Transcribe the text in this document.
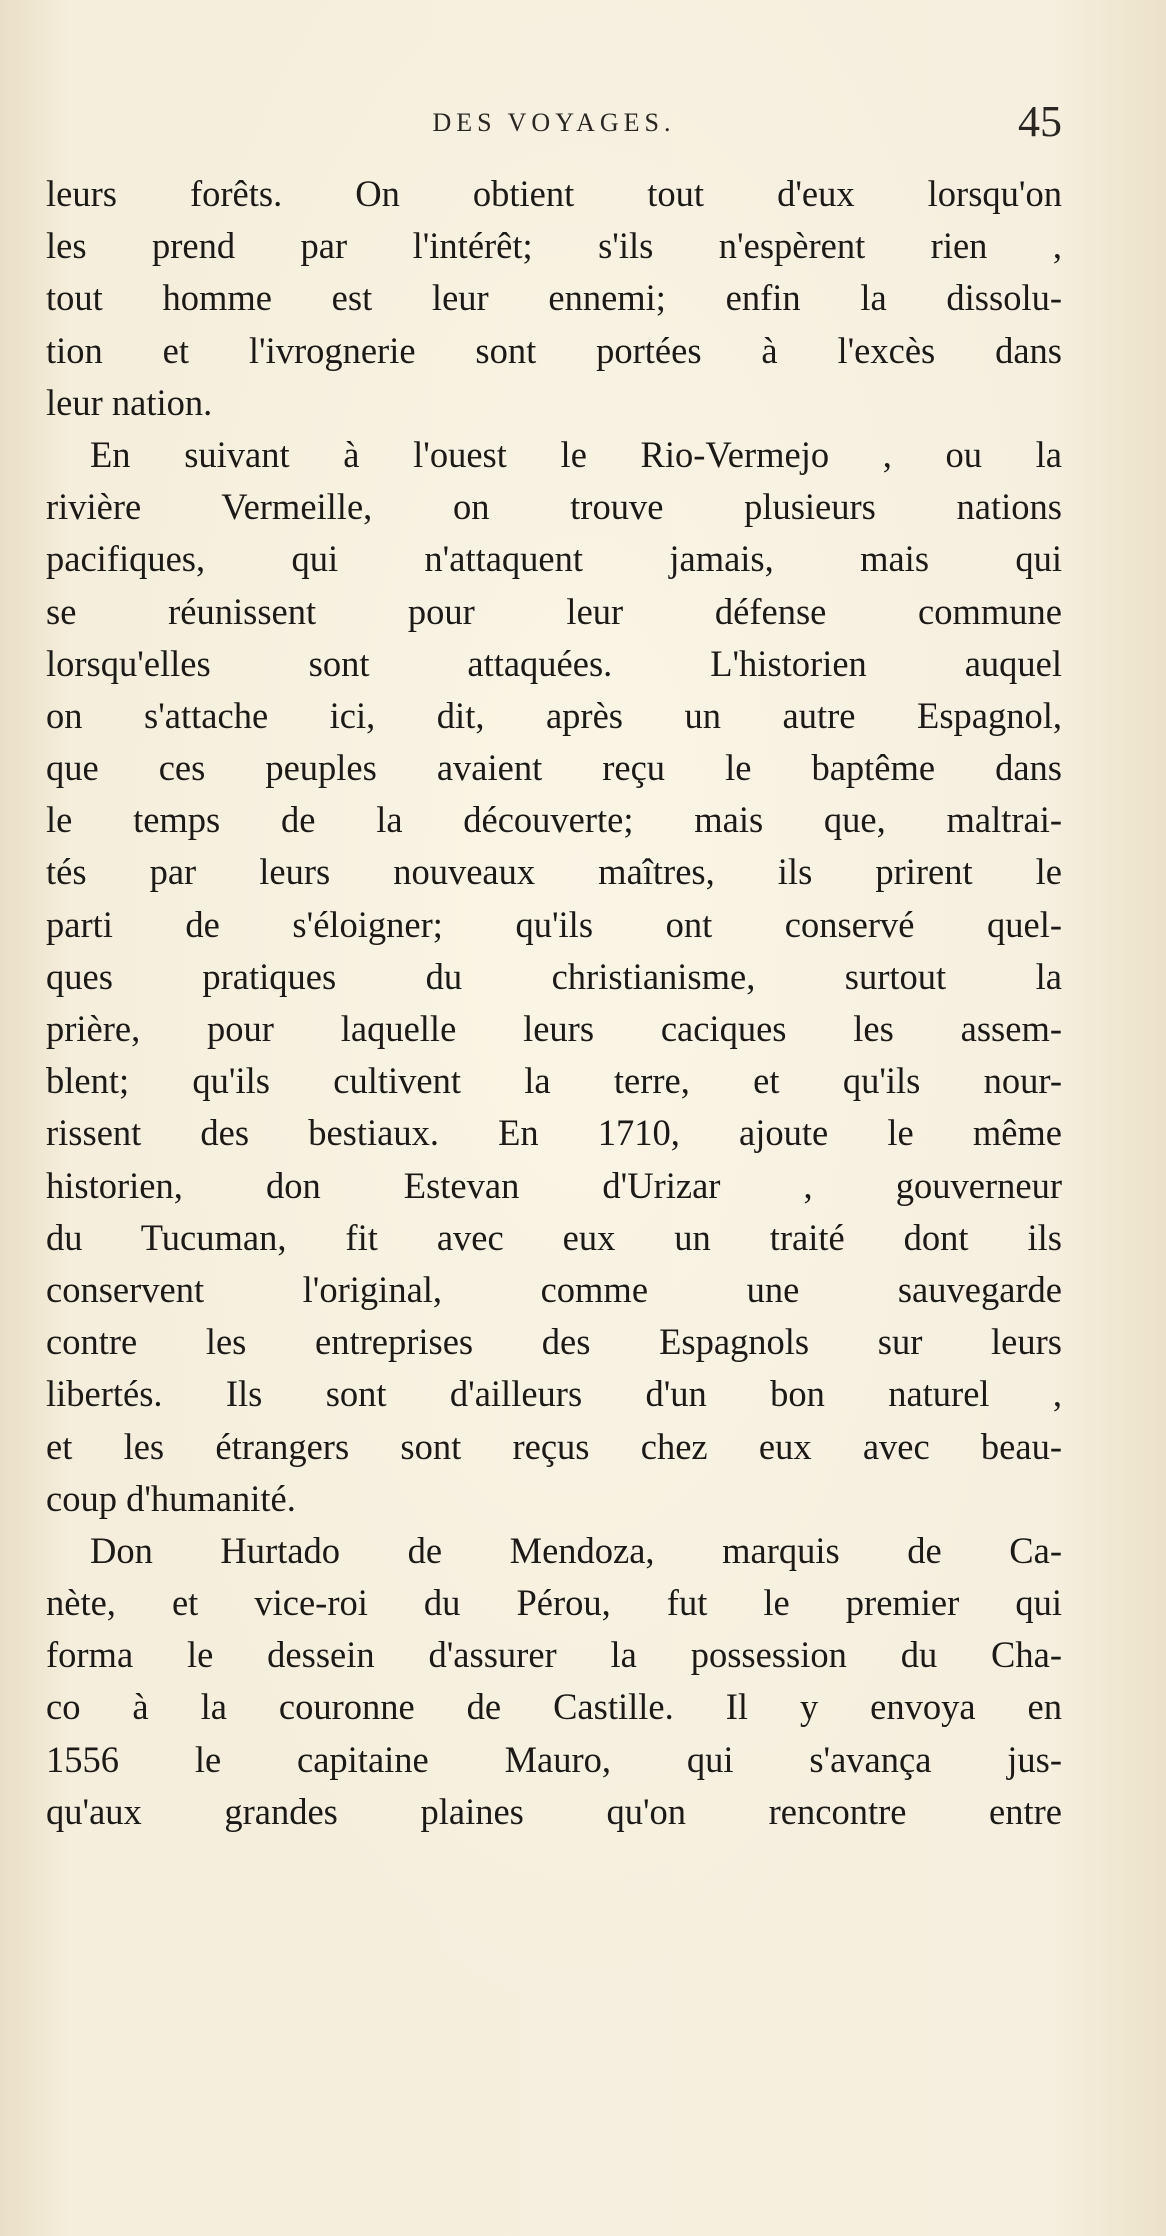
DES VOYAGES.	45
leurs forêts. On obtient tout d'eux lorsqu'on
les prend par l'intérêt; s'ils n'espèrent rien ,
tout homme est leur ennemi; enfin la dissolu-
tion et l'ivrognerie sont portées à l'excès dans
leur nation.
En suivant à l'ouest le Rio-Vermejo , ou la
rivière Vermeille, on trouve plusieurs nations
pacifiques, qui n'attaquent jamais, mais qui
se réunissent pour leur défense commune
lorsqu'elles sont attaquées. L'historien auquel
on s'attache ici, dit, après un autre Espagnol,
que ces peuples avaient reçu le baptême dans
le temps de la découverte; mais que, maltrai-
tés par leurs nouveaux maîtres, ils prirent le
parti de s'éloigner; qu'ils ont conservé quel-
ques pratiques du christianisme, surtout la
prière, pour laquelle leurs caciques les assem-
blent; qu'ils cultivent la terre, et qu'ils nour-
rissent des bestiaux. En 1710, ajoute le même
historien, don Estevan d'Urizar , gouverneur
du Tucuman, fit avec eux un traité dont ils
conservent l'original, comme une sauvegarde
contre les entreprises des Espagnols sur leurs
libertés. Ils sont d'ailleurs d'un bon naturel ,
et les étrangers sont reçus chez eux avec beau-
coup d'humanité.
Don Hurtado de Mendoza, marquis de Ca-
nète, et vice-roi du Pérou, fut le premier qui
forma le dessein d'assurer la possession du Cha-
co à la couronne de Castille. Il y envoya en
1556 le capitaine Mauro, qui s'avança jus-
qu'aux grandes plaines qu'on rencontre entre
